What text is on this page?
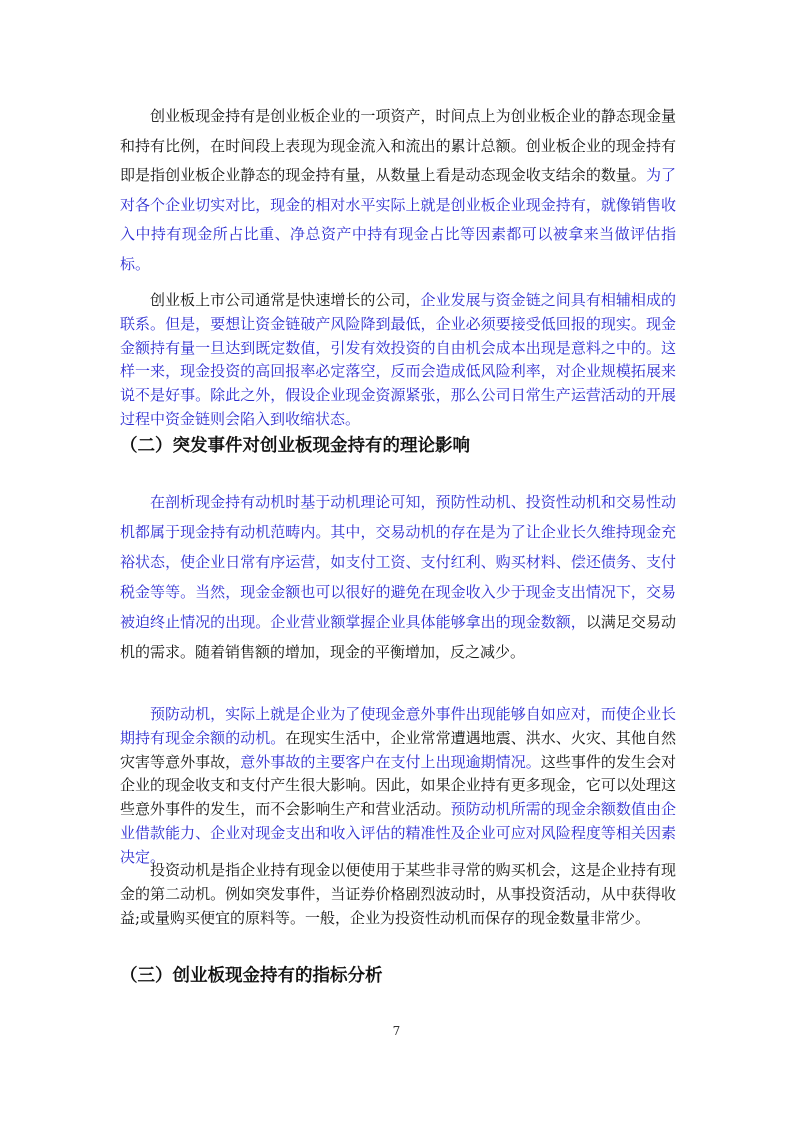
创业板现金持有是创业板企业的一项资产，时间点上为创业板企业的静态现金量和持有比例，在时间段上表现为现金流入和流出的累计总额。创业板企业的现金持有即是指创业板企业静态的现金持有量，从数量上看是动态现金收支结余的数量。为了对各个企业切实对比，现金的相对水平实际上就是创业板企业现金持有，就像销售收入中持有现金所占比重、净总资产中持有现金占比等因素都可以被拿来当做评估指标。

创业板上市公司通常是快速增长的公司，企业发展与资金链之间具有相辅相成的联系。但是，要想让资金链破产风险降到最低，企业必须要接受低回报的现实。现金金额持有量一旦达到既定数值，引发有效投资的自由机会成本出现是意料之中的。这样一来，现金投资的高回报率必定落空，反而会造成低风险利率，对企业规模拓展来说不是好事。除此之外，假设企业现金资源紧张，那么公司日常生产运营活动的开展过程中资金链则会陷入到收缩状态。

（二）突发事件对创业板现金持有的理论影响

在剖析现金持有动机时基于动机理论可知，预防性动机、投资性动机和交易性动机都属于现金持有动机范畴内。其中，交易动机的存在是为了让企业长久维持现金充裕状态，使企业日常有序运营，如支付工资、支付红利、购买材料、偿还债务、支付税金等等。当然，现金金额也可以很好的避免在现金收入少于现金支出情况下，交易被迫终止情况的出现。企业营业额掌握企业具体能够拿出的现金数额，以满足交易动机的需求。随着销售额的增加，现金的平衡增加，反之减少。

预防动机，实际上就是企业为了使现金意外事件出现能够自如应对，而使企业长期持有现金余额的动机。在现实生活中，企业常常遭遇地震、洪水、火灾、其他自然灾害等意外事故，意外事故的主要客户在支付上出现逾期情况。这些事件的发生会对企业的现金收支和支付产生很大影响。因此，如果企业持有更多现金，它可以处理这些意外事件的发生，而不会影响生产和营业活动。预防动机所需的现金余额数值由企业借款能力、企业对现金支出和收入评估的精准性及企业可应对风险程度等相关因素决定。

投资动机是指企业持有现金以便使用于某些非寻常的购买机会，这是企业持有现金的第二动机。例如突发事件，当证券价格剧烈波动时，从事投资活动，从中获得收益;或量购买便宜的原料等。一般，企业为投资性动机而保存的现金数量非常少。

（三）创业板现金持有的指标分析
7
